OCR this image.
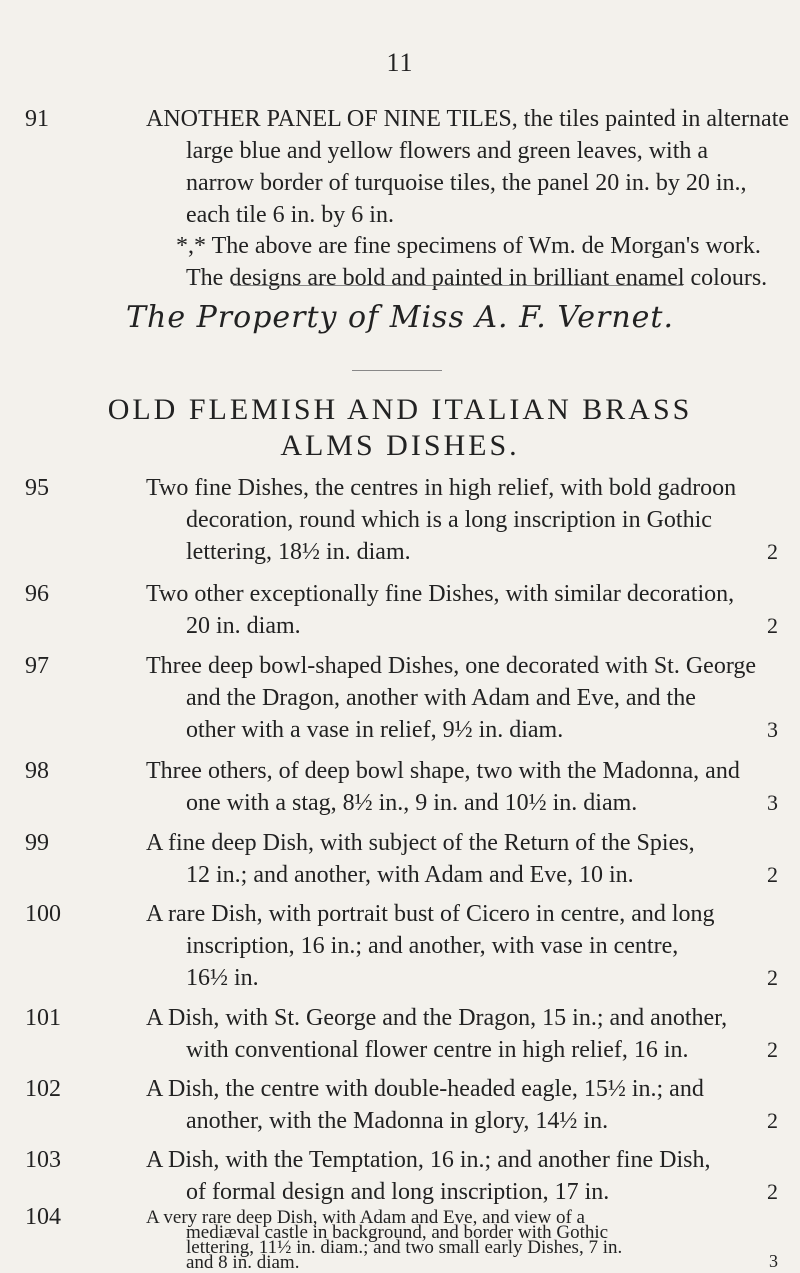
11
91	ANOTHER PANEL OF NINE TILES, the tiles painted in alternate
large blue and yellow flowers and green leaves, with a
narrow border of turquoise tiles, the panel 20 in. by 20 in.,
each tile 6 in. by 6 in.
*,* The above are fine specimens of Wm. de Morgan's work.
The designs are bold and painted in brilliant enamel colours.
The Property of Miss A. F. Vernet.
OLD FLEMISH AND ITALIAN BRASS
ALMS DISHES.
95	Two fine Dishes, the centres in high relief, with bold gadroon
decoration, round which is a long inscription in Gothic
lettering, 18½ in. diam.	2
96	Two other exceptionally fine Dishes, with similar decoration,
20 in. diam.	2
97	Three deep bowl-shaped Dishes, one decorated with St. George
and the Dragon, another with Adam and Eve, and the
other with a vase in relief, 9½ in. diam.	3
98	Three others, of deep bowl shape, two with the Madonna, and
one with a stag, 8½ in., 9 in. and 10½ in. diam.	3
99	A fine deep Dish, with subject of the Return of the Spies,
12 in.; and another, with Adam and Eve, 10 in.	2
100	A rare Dish, with portrait bust of Cicero in centre, and long
inscription, 16 in.; and another, with vase in centre,
16½ in.	2
101	A Dish, with St. George and the Dragon, 15 in.; and another,
with conventional flower centre in high relief, 16 in.	2
102	A Dish, the centre with double-headed eagle, 15½ in.; and
another, with the Madonna in glory, 14½ in.	2
103	A Dish, with the Temptation, 16 in.; and another fine Dish,
of formal design and long inscription, 17 in.	2
104	A very rare deep Dish, with Adam and Eve, and view of a
mediæval castle in background, and border with Gothic
lettering, 11½ in. diam.; and two small early Dishes, 7 in.
and 8 in. diam.	3
